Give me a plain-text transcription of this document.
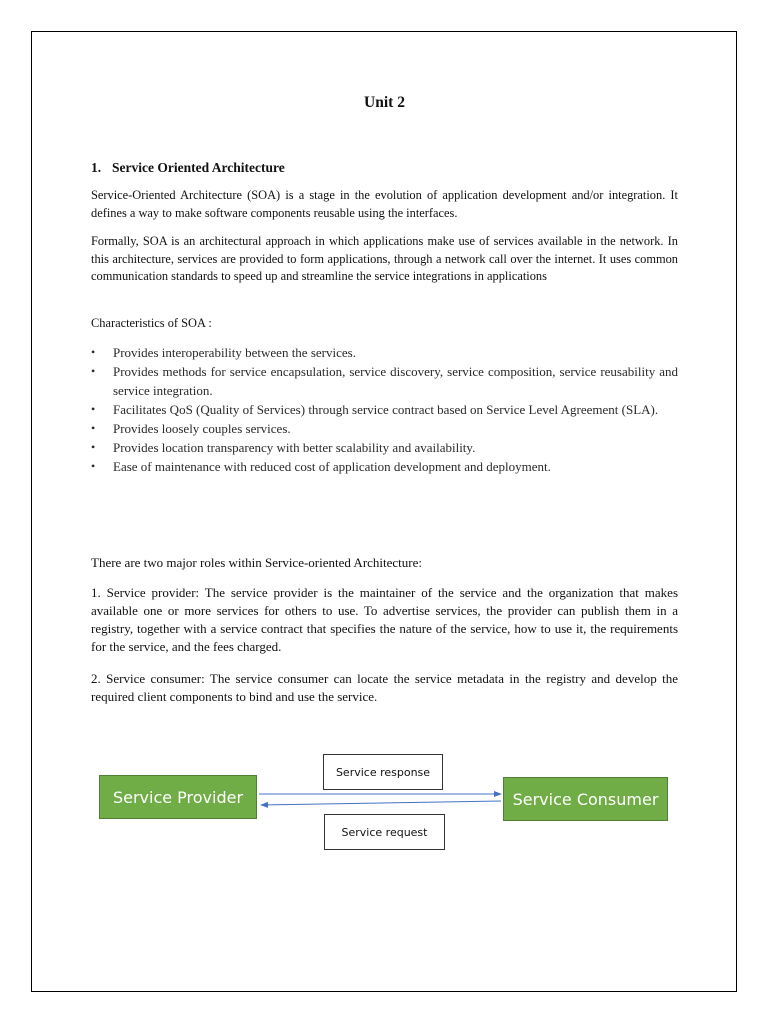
Unit 2
1. Service Oriented Architecture

Service-Oriented Architecture (SOA) is a stage in the evolution of application development and/or integration. It defines a way to make software components reusable using the interfaces.

Formally, SOA is an architectural approach in which applications make use of services available in the network. In this architecture, services are provided to form applications, through a network call over the internet. It uses common communication standards to speed up and streamline the service integrations in applications

Characteristics of SOA :

• Provides interoperability between the services.
• Provides methods for service encapsulation, service discovery, service composition, service reusability and service integration.
• Facilitates QoS (Quality of Services) through service contract based on Service Level Agreement (SLA).
• Provides loosely couples services.
• Provides location transparency with better scalability and availability.
• Ease of maintenance with reduced cost of application development and deployment.

There are two major roles within Service-oriented Architecture:

1. Service provider: The service provider is the maintainer of the service and the organization that makes available one or more services for others to use. To advertise services, the provider can publish them in a registry, together with a service contract that specifies the nature of the service, how to use it, the requirements for the service, and the fees charged.

2. Service consumer: The service consumer can locate the service metadata in the registry and develop the required client components to bind and use the service.

Service response
Service request
Service Provider	Service Consumer
